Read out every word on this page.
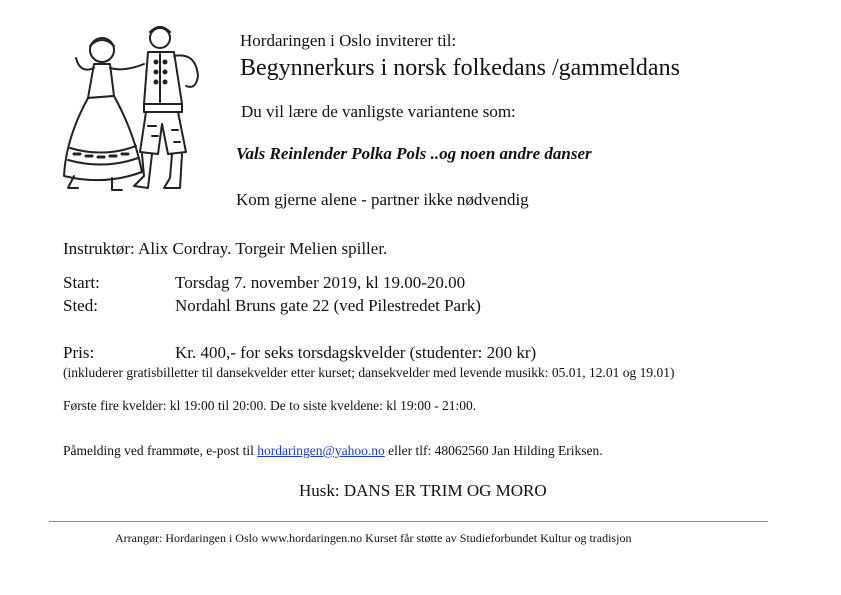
Hordaringen i Oslo inviterer til:
Begynnerkurs i norsk folkedans /gammeldans
Du vil lære de vanligste variantene som:
Vals Reinlender Polka Pols ..og noen andre danser
Kom gjerne alene - partner ikke nødvendig
Instruktør: Alix Cordray. Torgeir Melien spiller.
Start:	Torsdag 7. november 2019, kl 19.00-20.00
Sted:	Nordahl Bruns gate 22 (ved Pilestredet Park)
Pris:	Kr. 400,- for seks torsdagskvelder (studenter: 200 kr)
(inkluderer gratisbilletter til dansekvelder etter kurset; dansekvelder med levende musikk: 05.01, 12.01 og 19.01)
Første fire kvelder: kl 19:00 til 20:00. De to siste kveldene: kl 19:00 - 21:00.
Påmelding ved frammøte, e-post til hordaringen@yahoo.no eller tlf: 48062560 Jan Hilding Eriksen.
Husk: DANS ER TRIM OG MORO
Arrangør: Hordaringen i Oslo www.hordaringen.no Kurset får støtte av Studieforbundet Kultur og tradisjon
